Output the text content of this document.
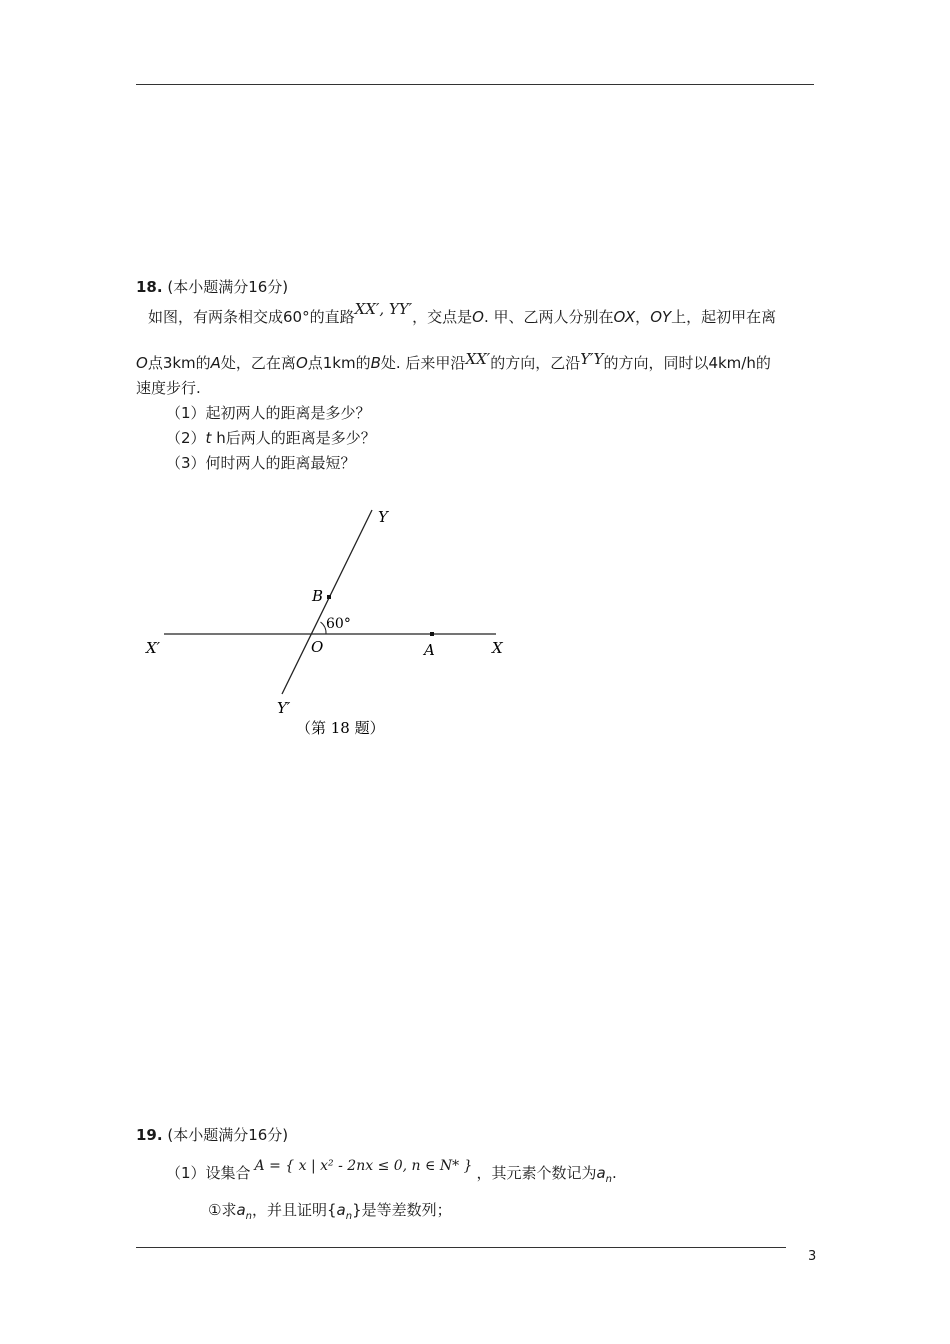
18. (本小题满分16分)
如图，有两条相交成60°的直路XX′, YY′，交点是O. 甲、乙两人分别在OX，OY上，起初甲在离
O点3km的A处，乙在离O点1km的B处. 后来甲沿XX′的方向，乙沿Y′Y的方向，同时以4km/h的
速度步行.
（1）起初两人的距离是多少？
（2）t h后两人的距离是多少？
（3）何时两人的距离最短？
Y
B
60°
X′	O	A	X
Y′
（第 18 题）
19. (本小题满分16分)
（1）设集合 A = { x | x² - 2nx ≤ 0, n ∈ N* } ，其元素个数记为$a_n$.
①求$a_n$，并且证明$\{a_n\}$是等差数列；
3
